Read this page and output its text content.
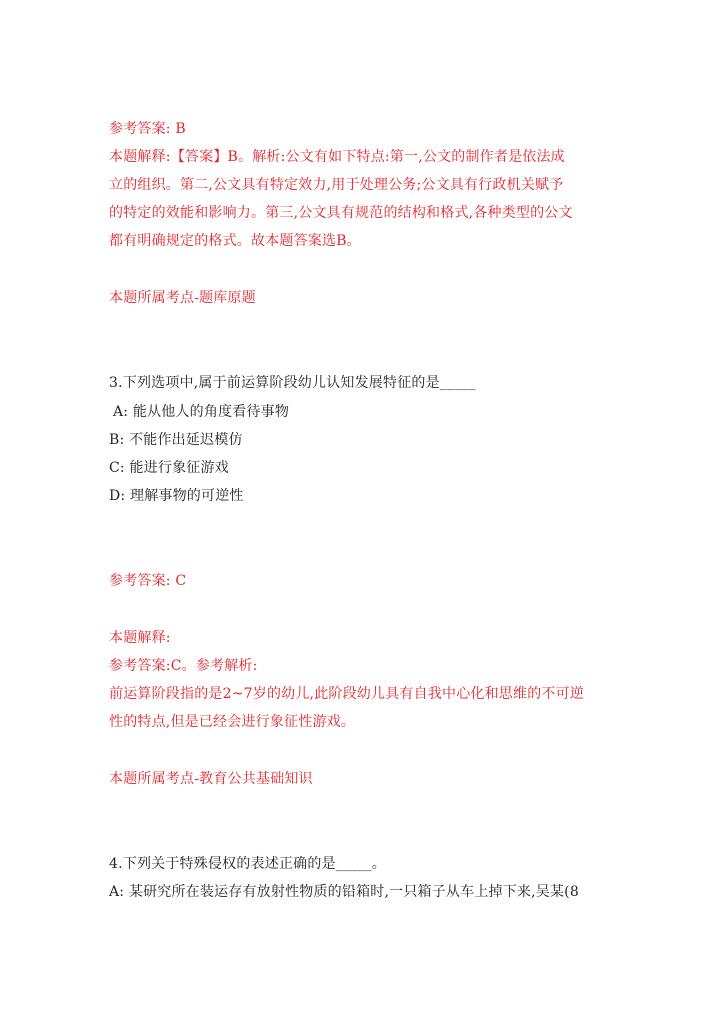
参考答案: B
本题解释:【答案】B。解析:公文有如下特点:第一,公文的制作者是依法成
立的组织。第二,公文具有特定效力,用于处理公务;公文具有行政机关赋予
的特定的效能和影响力。第三,公文具有规范的结构和格式,各种类型的公文
都有明确规定的格式。故本题答案选B。
本题所属考点-题库原题
3.下列选项中,属于前运算阶段幼儿认知发展特征的是_____
A: 能从他人的角度看待事物
B: 不能作出延迟模仿
C: 能进行象征游戏
D: 理解事物的可逆性
参考答案: C
本题解释:
参考答案:C。参考解析:
前运算阶段指的是2~7岁的幼儿,此阶段幼儿具有自我中心化和思维的不可逆
性的特点,但是已经会进行象征性游戏。
本题所属考点-教育公共基础知识
4.下列关于特殊侵权的表述正确的是_____。
A: 某研究所在装运存有放射性物质的铅箱时,一只箱子从车上掉下来,吴某(8
